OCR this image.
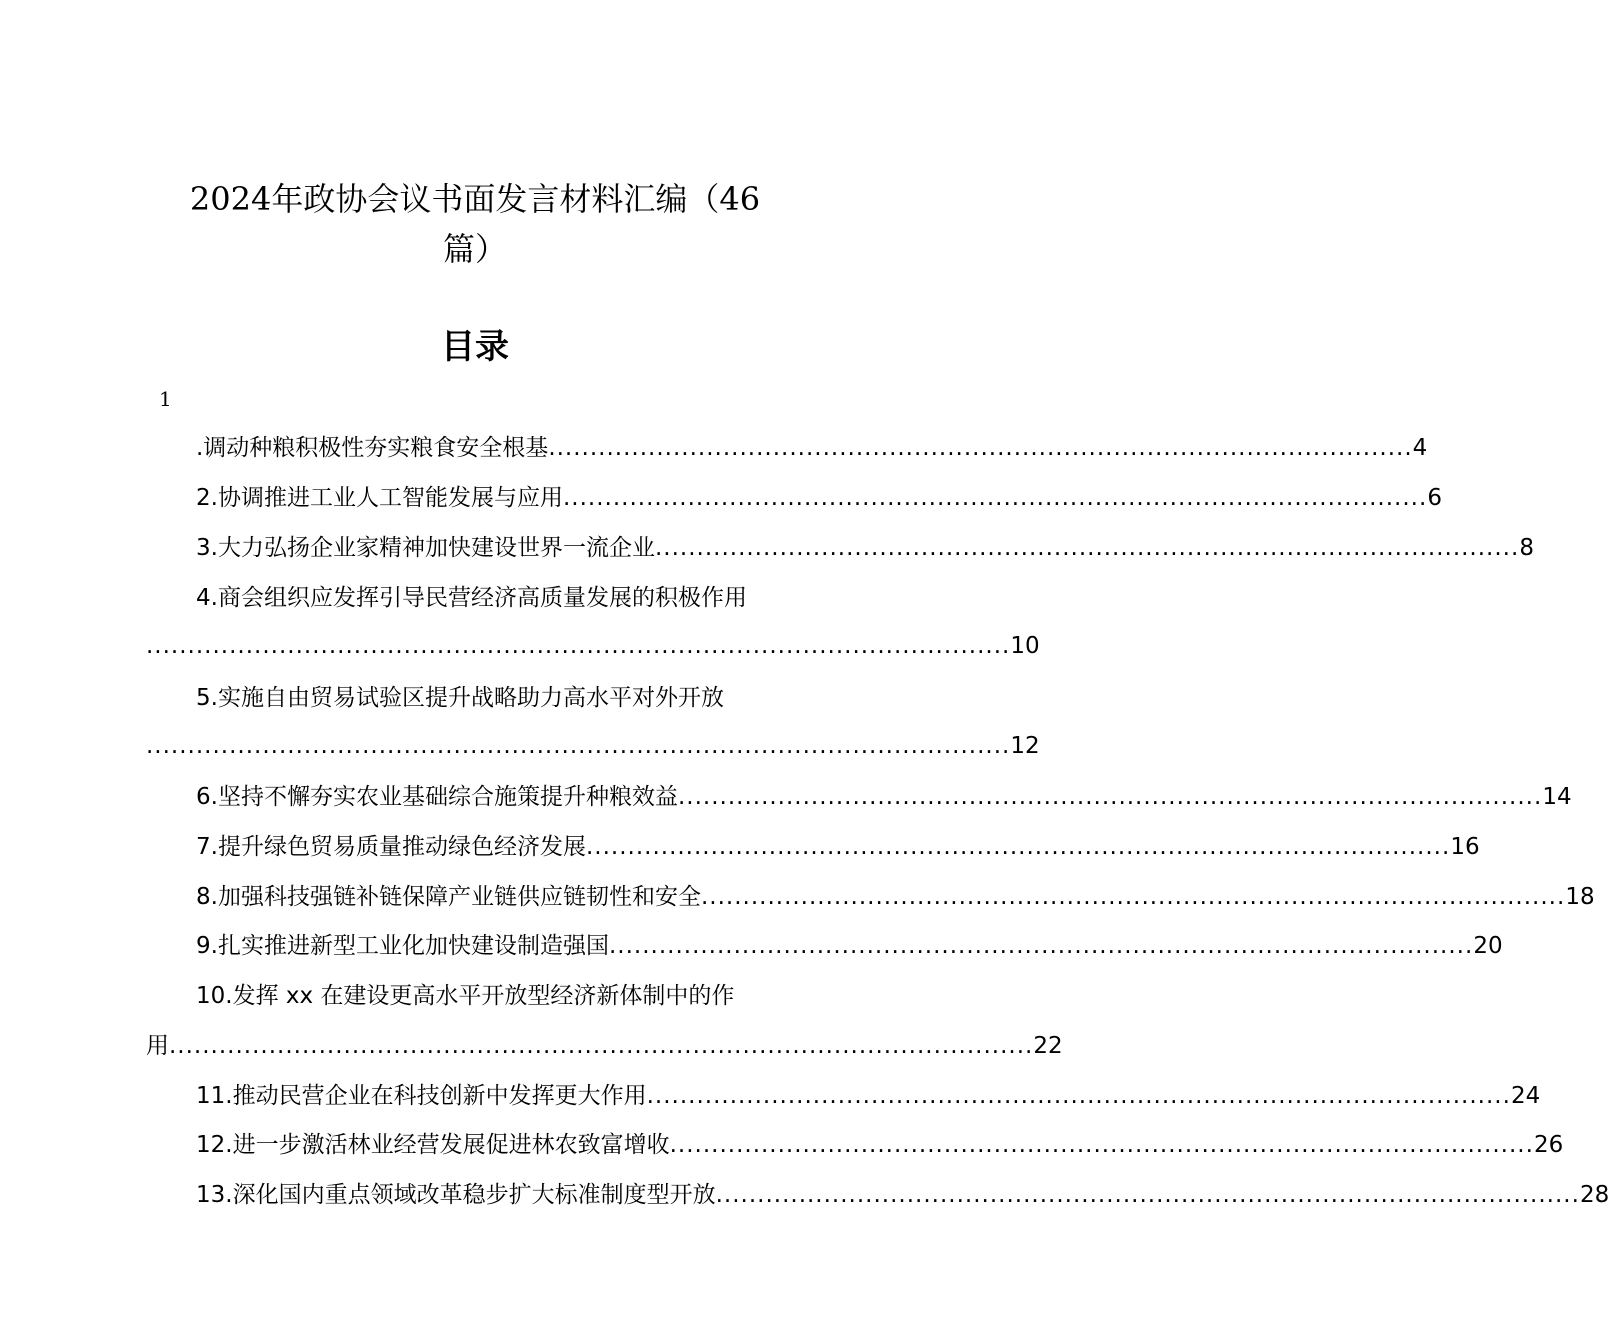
2024年政协会议书面发言材料汇编（46
篇）
目录
1
.调动种粮积极性夯实粮食安全根基 ........................................................................................................ 4
2.协调推进工业人工智能发展与应用 ........................................................................................................ 6
3.大力弘扬企业家精神加快建设世界一流企业 ........................................................................................................ 8
4.商会组织应发挥引导民营经济高质量发展的积极作用
........................................................................................................ 10
5.实施自由贸易试验区提升战略助力高水平对外开放
........................................................................................................ 12
6.坚持不懈夯实农业基础综合施策提升种粮效益 ........................................................................................................ 14
7.提升绿色贸易质量推动绿色经济发展 ........................................................................................................ 16
8.加强科技强链补链保障产业链供应链韧性和安全 ........................................................................................................ 18
9.扎实推进新型工业化加快建设制造强国 ........................................................................................................ 20
10.发挥 xx 在建设更高水平开放型经济新体制中的作
用 ........................................................................................................ 22
11.推动民营企业在科技创新中发挥更大作用 ........................................................................................................ 24
12.进一步激活林业经营发展促进林农致富增收 ........................................................................................................ 26
13.深化国内重点领域改革稳步扩大标准制度型开放 ........................................................................................................ 28
